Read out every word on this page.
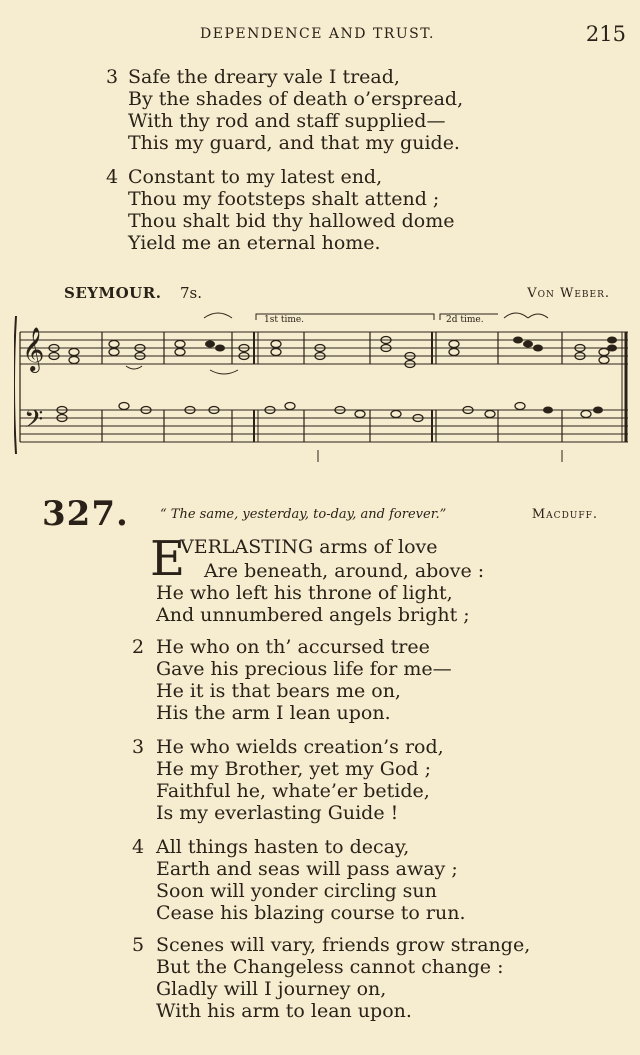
DEPENDENCE AND TRUST.	215
3 Safe the dreary vale I tread,
By the shades of death o’erspread,
With thy rod and staff supplied—
This my guard, and that my guide.
4 Constant to my latest end,
Thou my footsteps shalt attend ;
Thou shalt bid thy hallowed dome
Yield me an eternal home.
SEYMOUR. 7s.	Von Weber.
𝄞
𝄢
1st time.	2d time.
327. “ The same, yesterday, to-day, and forever.”	Macduff.
E
VERLASTING arms of love
Are beneath, around, above :
He who left his throne of light,
And unnumbered angels bright ;
2 He who on th’ accursed tree
Gave his precious life for me—
He it is that bears me on,
His the arm I lean upon.
3 He who wields creation’s rod,
He my Brother, yet my God ;
Faithful he, whate’er betide,
Is my everlasting Guide !
4 All things hasten to decay,
Earth and seas will pass away ;
Soon will yonder circling sun
Cease his blazing course to run.
5 Scenes will vary, friends grow strange,
But the Changeless cannot change :
Gladly will I journey on,
With his arm to lean upon.
